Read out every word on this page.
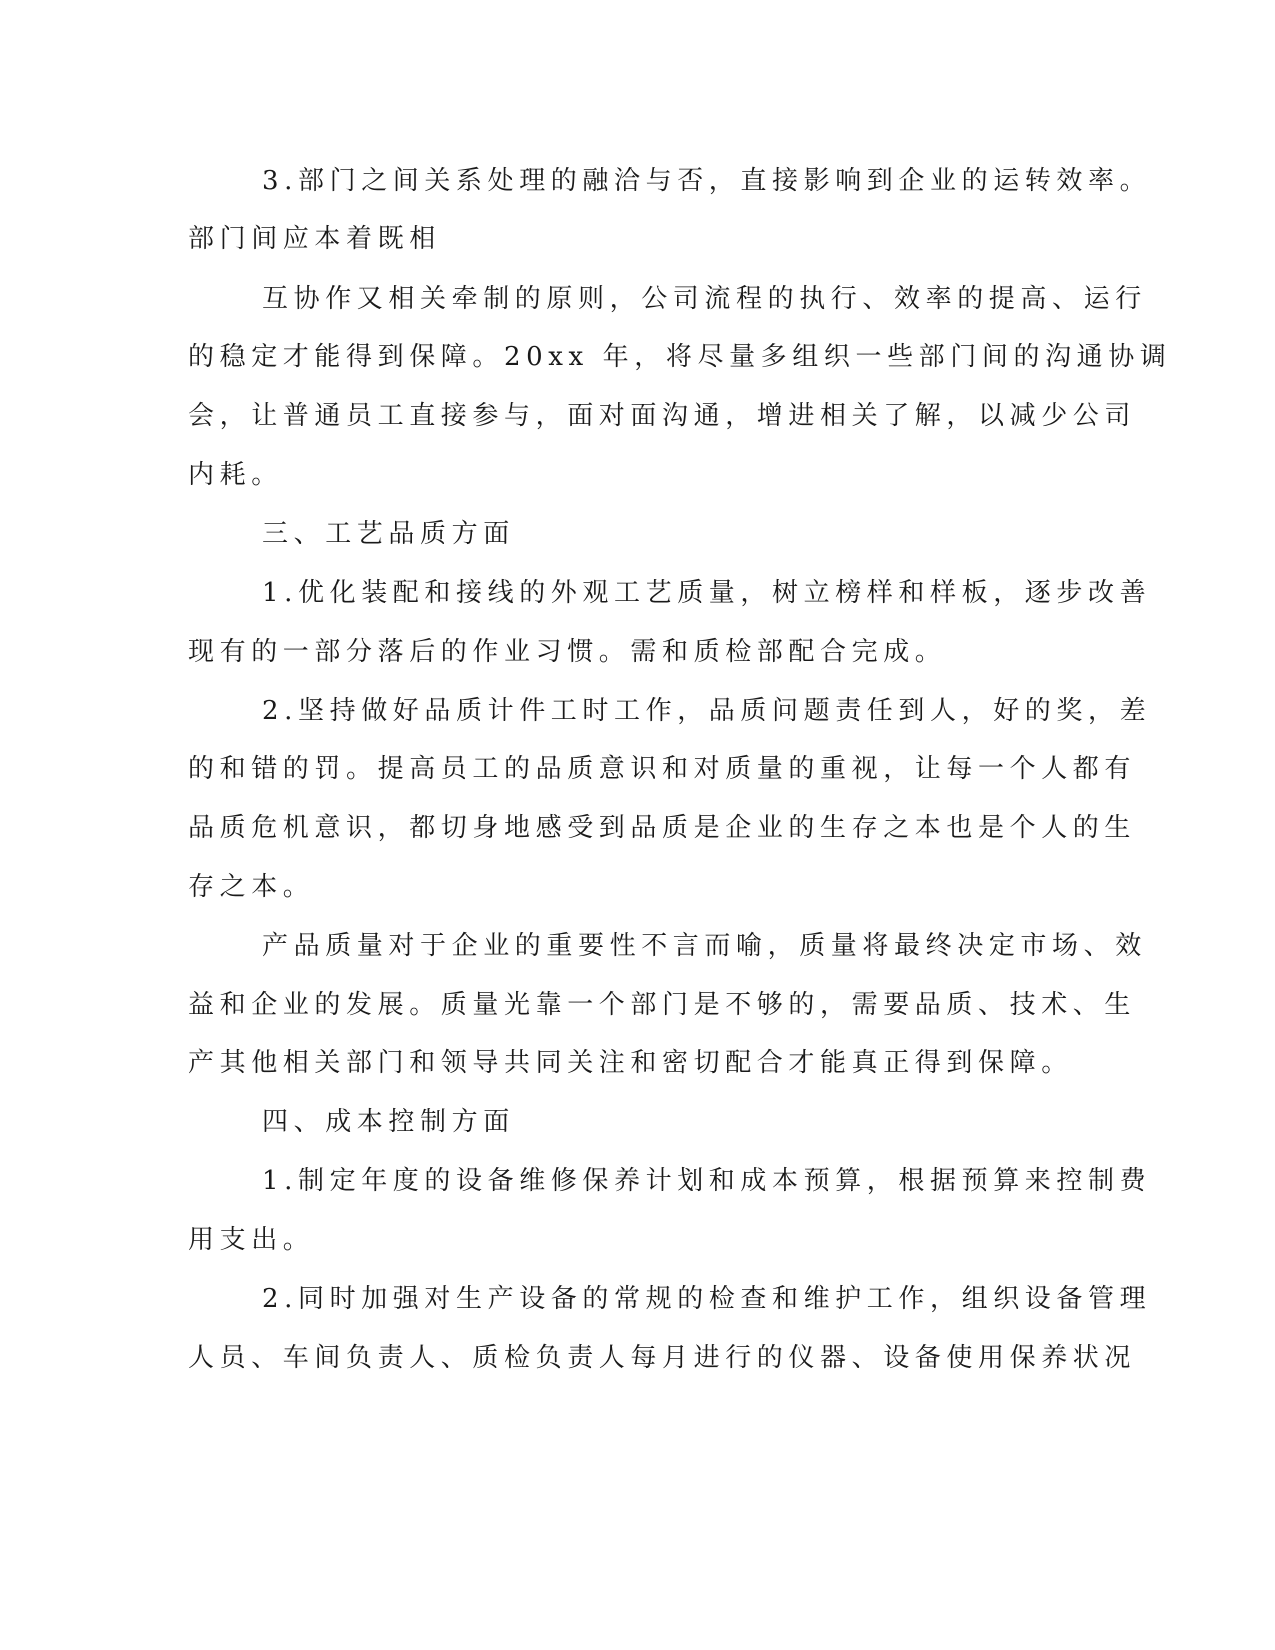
3.部门之间关系处理的融洽与否，直接影响到企业的运转效率。
部门间应本着既相
互协作又相关牵制的原则，公司流程的执行、效率的提高、运行
的稳定才能得到保障。20xx 年，将尽量多组织一些部门间的沟通协调
会，让普通员工直接参与，面对面沟通，增进相关了解，以减少公司
内耗。
三、工艺品质方面
1.优化装配和接线的外观工艺质量，树立榜样和样板，逐步改善
现有的一部分落后的作业习惯。需和质检部配合完成。
2.坚持做好品质计件工时工作，品质问题责任到人，好的奖，差
的和错的罚。提高员工的品质意识和对质量的重视，让每一个人都有
品质危机意识，都切身地感受到品质是企业的生存之本也是个人的生
存之本。
产品质量对于企业的重要性不言而喻，质量将最终决定市场、效
益和企业的发展。质量光靠一个部门是不够的，需要品质、技术、生
产其他相关部门和领导共同关注和密切配合才能真正得到保障。
四、成本控制方面
1.制定年度的设备维修保养计划和成本预算，根据预算来控制费
用支出。
2.同时加强对生产设备的常规的检查和维护工作，组织设备管理
人员、车间负责人、质检负责人每月进行的仪器、设备使用保养状况
